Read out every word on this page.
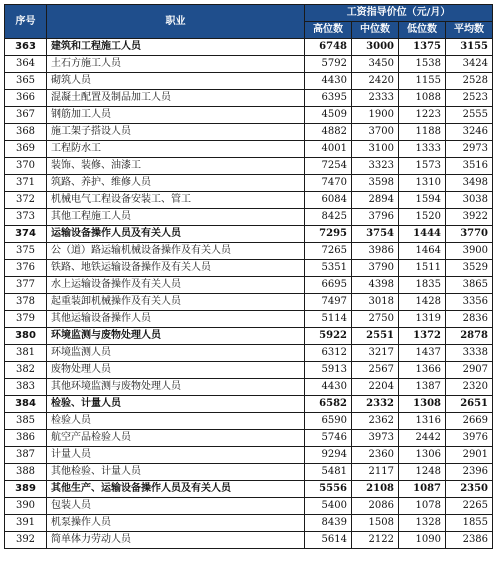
序号	职业	工资指导价位（元/月）			
		高位数	中位数	低位数	平均数
363	建筑和工程施工人员	6748	3000	1375	3155
364	土石方施工人员	5792	3450	1538	3424
365	砌筑人员	4430	2420	1155	2528
366	混凝土配置及制品加工人员	6395	2333	1088	2523
367	钢筋加工人员	4509	1900	1223	2555
368	施工架子搭设人员	4882	3700	1188	3246
369	工程防水工	4001	3100	1333	2973
370	装饰、装修、油漆工	7254	3323	1573	3516
371	筑路、养护、维修人员	7470	3598	1310	3498
372	机械电气工程设备安装工、管工	6084	2894	1594	3038
373	其他工程施工人员	8425	3796	1520	3922
374	运输设备操作人员及有关人员	7295	3754	1444	3770
375	公（道）路运输机械设备操作及有关人员	7265	3986	1464	3900
376	铁路、地铁运输设备操作及有关人员	5351	3790	1511	3529
377	水上运输设备操作及有关人员	6695	4398	1835	3865
378	起重装卸机械操作及有关人员	7497	3018	1428	3356
379	其他运输设备操作人员	5114	2750	1319	2836
380	环境监测与废物处理人员	5922	2551	1372	2878
381	环境监测人员	6312	3217	1437	3338
382	废物处理人员	5913	2567	1366	2907
383	其他环境监测与废物处理人员	4430	2204	1387	2320
384	检验、计量人员	6582	2332	1308	2651
385	检验人员	6590	2362	1316	2669
386	航空产品检验人员	5746	3973	2442	3976
387	计量人员	9294	2360	1306	2901
388	其他检验、计量人员	5481	2117	1248	2396
389	其他生产、运输设备操作人员及有关人员	5556	2108	1087	2350
390	包装人员	5400	2086	1078	2265
391	机泵操作人员	8439	1508	1328	1855
392	简单体力劳动人员	5614	2122	1090	2386
